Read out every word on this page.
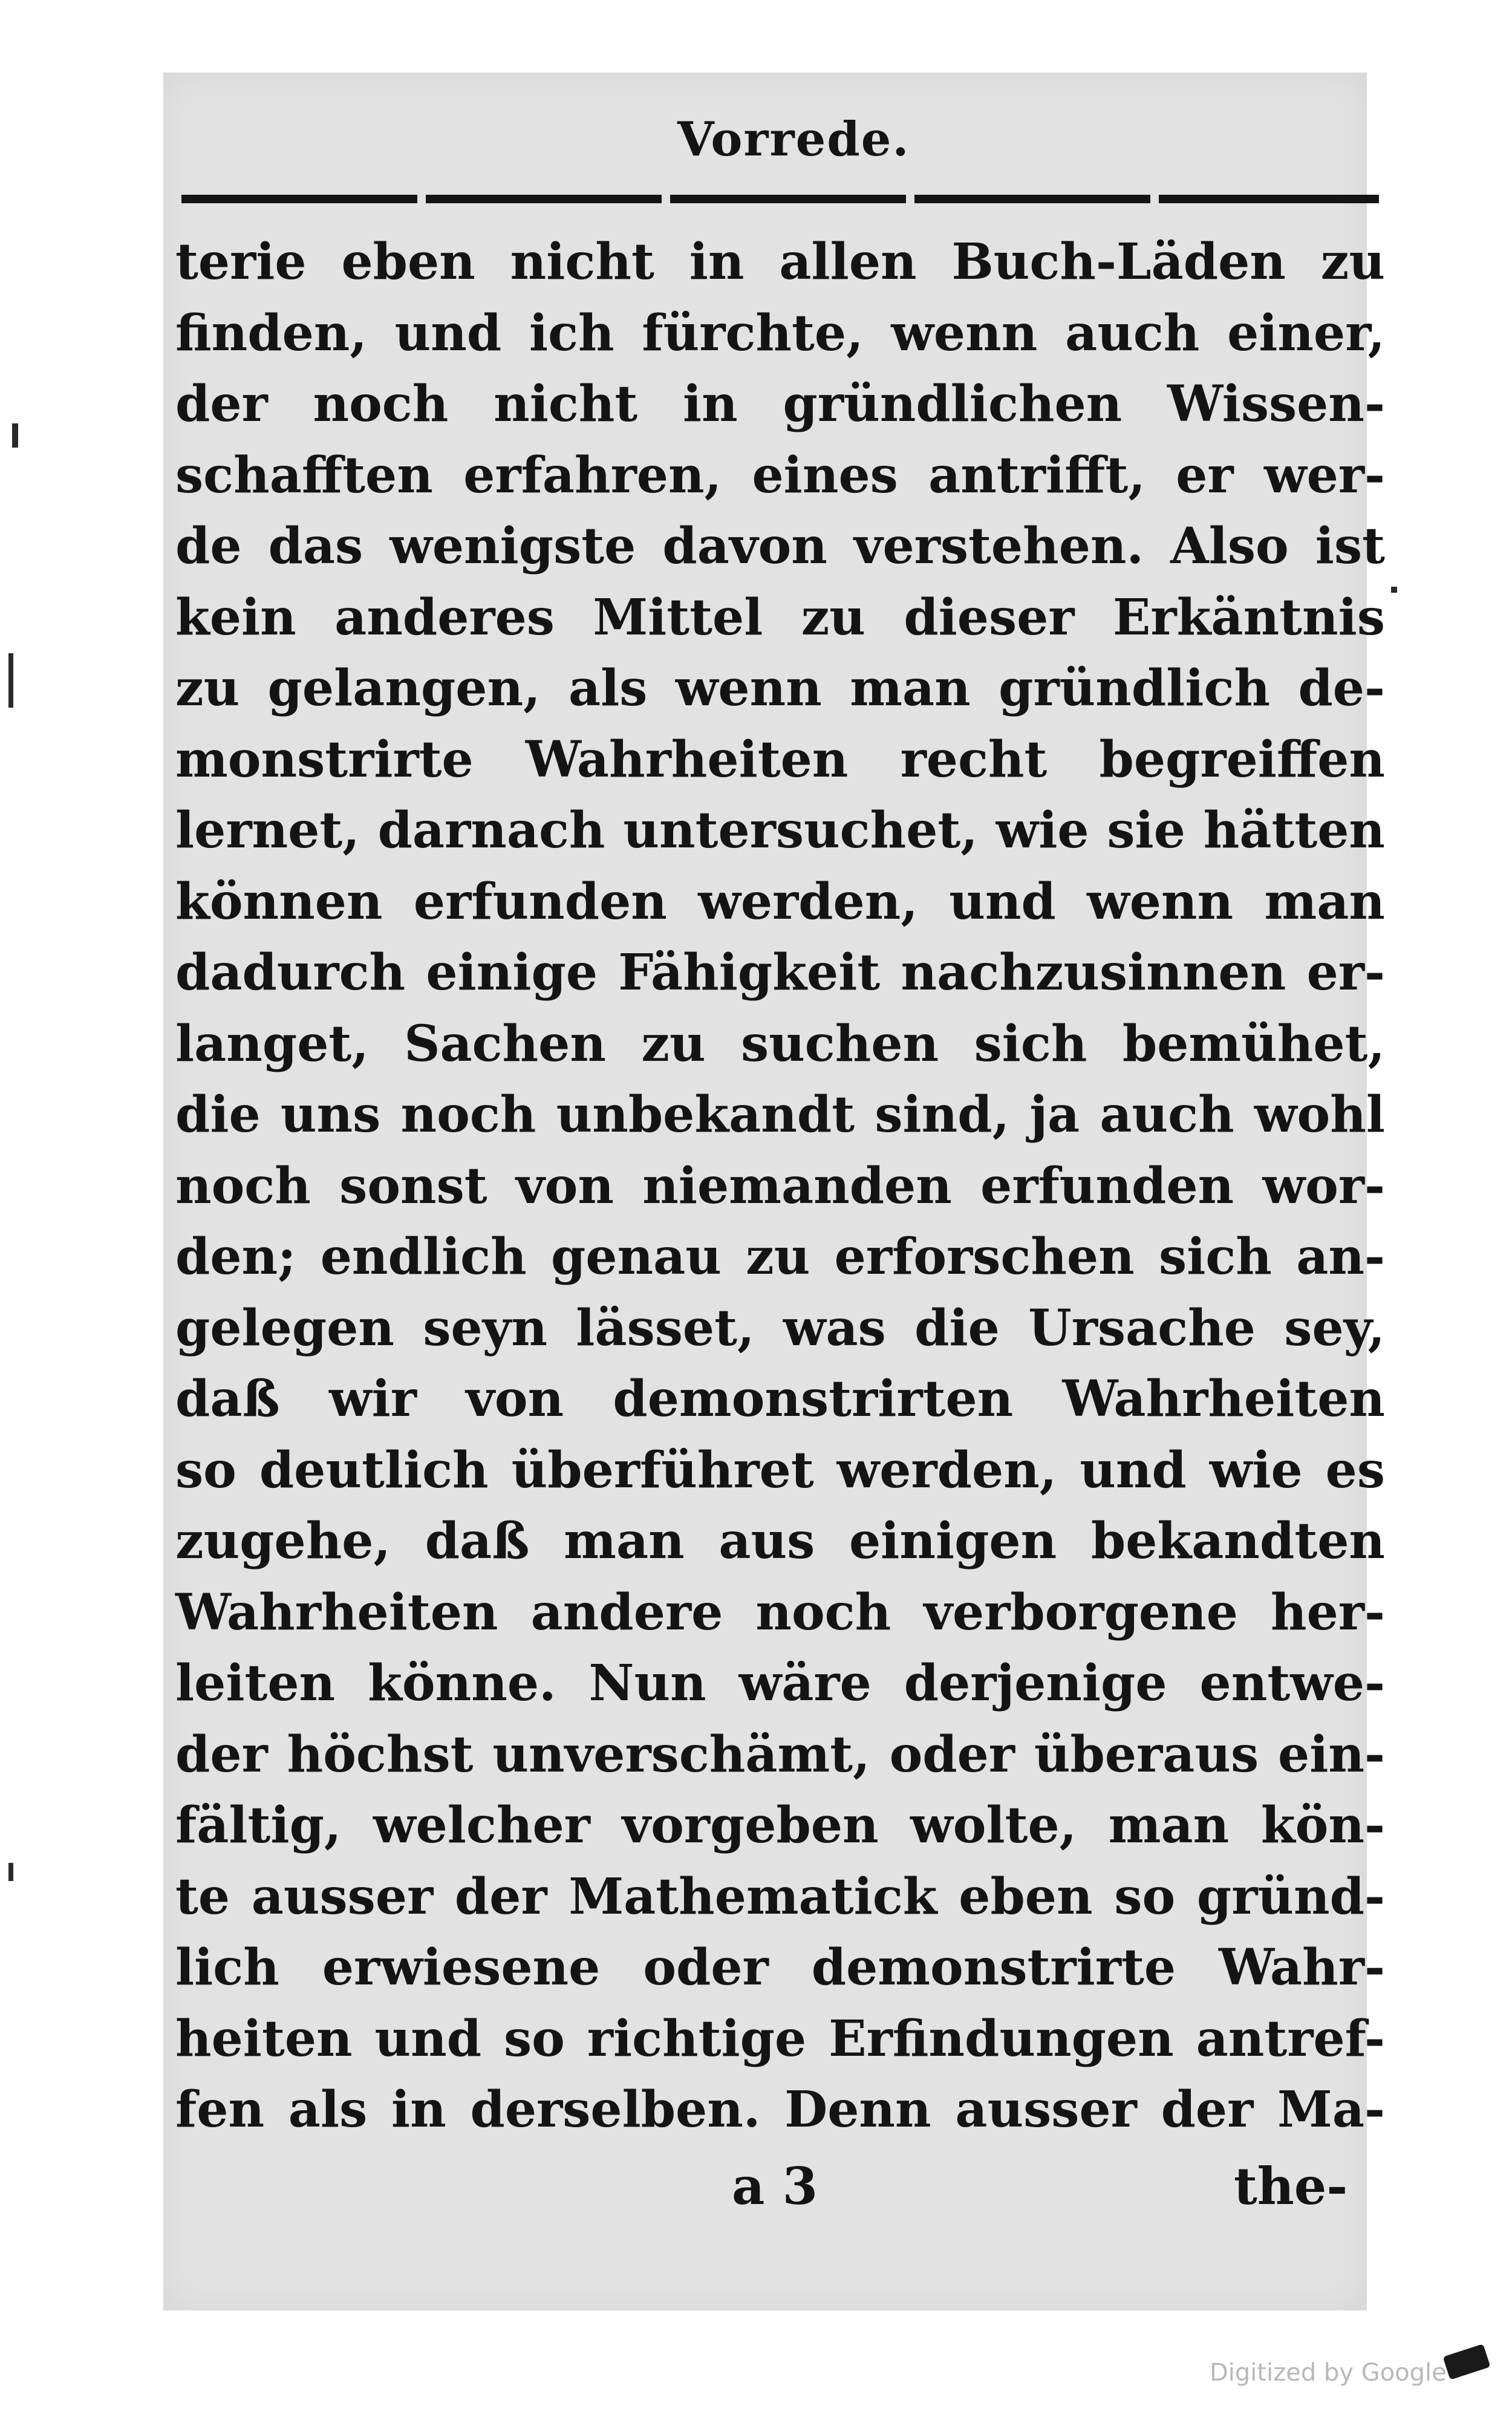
Vorrede.
terie eben nicht in allen Buch-Läden zu
finden, und ich fürchte, wenn auch einer,
der noch nicht in gründlichen Wissen-
schafften erfahren, eines antrifft, er wer-
de das wenigste davon verstehen. Also ist
kein anderes Mittel zu dieser Erkäntnis
zu gelangen, als wenn man gründlich de-
monstrirte Wahrheiten recht begreiffen
lernet, darnach untersuchet, wie sie hätten
können erfunden werden, und wenn man
dadurch einige Fähigkeit nachzusinnen er-
langet, Sachen zu suchen sich bemühet,
die uns noch unbekandt sind, ja auch wohl
noch sonst von niemanden erfunden wor-
den; endlich genau zu erforschen sich an-
gelegen seyn lässet, was die Ursache sey,
daß wir von demonstrirten Wahrheiten
so deutlich überführet werden, und wie es
zugehe, daß man aus einigen bekandten
Wahrheiten andere noch verborgene her-
leiten könne. Nun wäre derjenige entwe-
der höchst unverschämt, oder überaus ein-
fältig, welcher vorgeben wolte, man kön-
te ausser der Mathematick eben so gründ-
lich erwiesene oder demonstrirte Wahr-
heiten und so richtige Erfindungen antref-
fen als in derselben. Denn ausser der Ma-
a 3	the-
Digitized by Google
